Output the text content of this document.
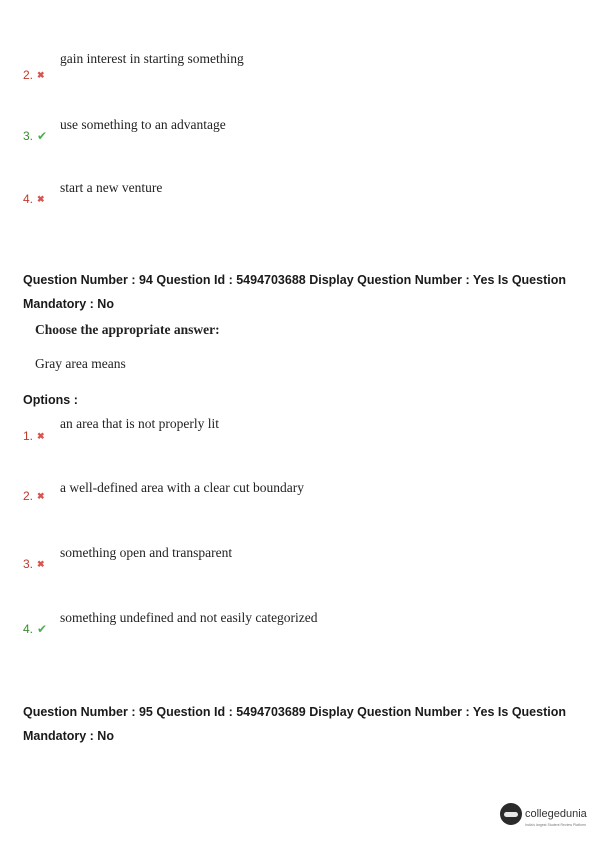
gain interest in starting something
2. ✖
use something to an advantage
3. ✔
start a new venture
4. ✖
Question Number : 94 Question Id : 5494703688 Display Question Number : Yes Is Question
Mandatory : No
Choose the appropriate answer:
Gray area means
Options :
an area that is not properly lit
1. ✖
a well-defined area with a clear cut boundary
2. ✖
something open and transparent
3. ✖
something undefined and not easily categorized
4. ✔
Question Number : 95 Question Id : 5494703689 Display Question Number : Yes Is Question
Mandatory : No
collegedunia
India's largest Student Review Platform
